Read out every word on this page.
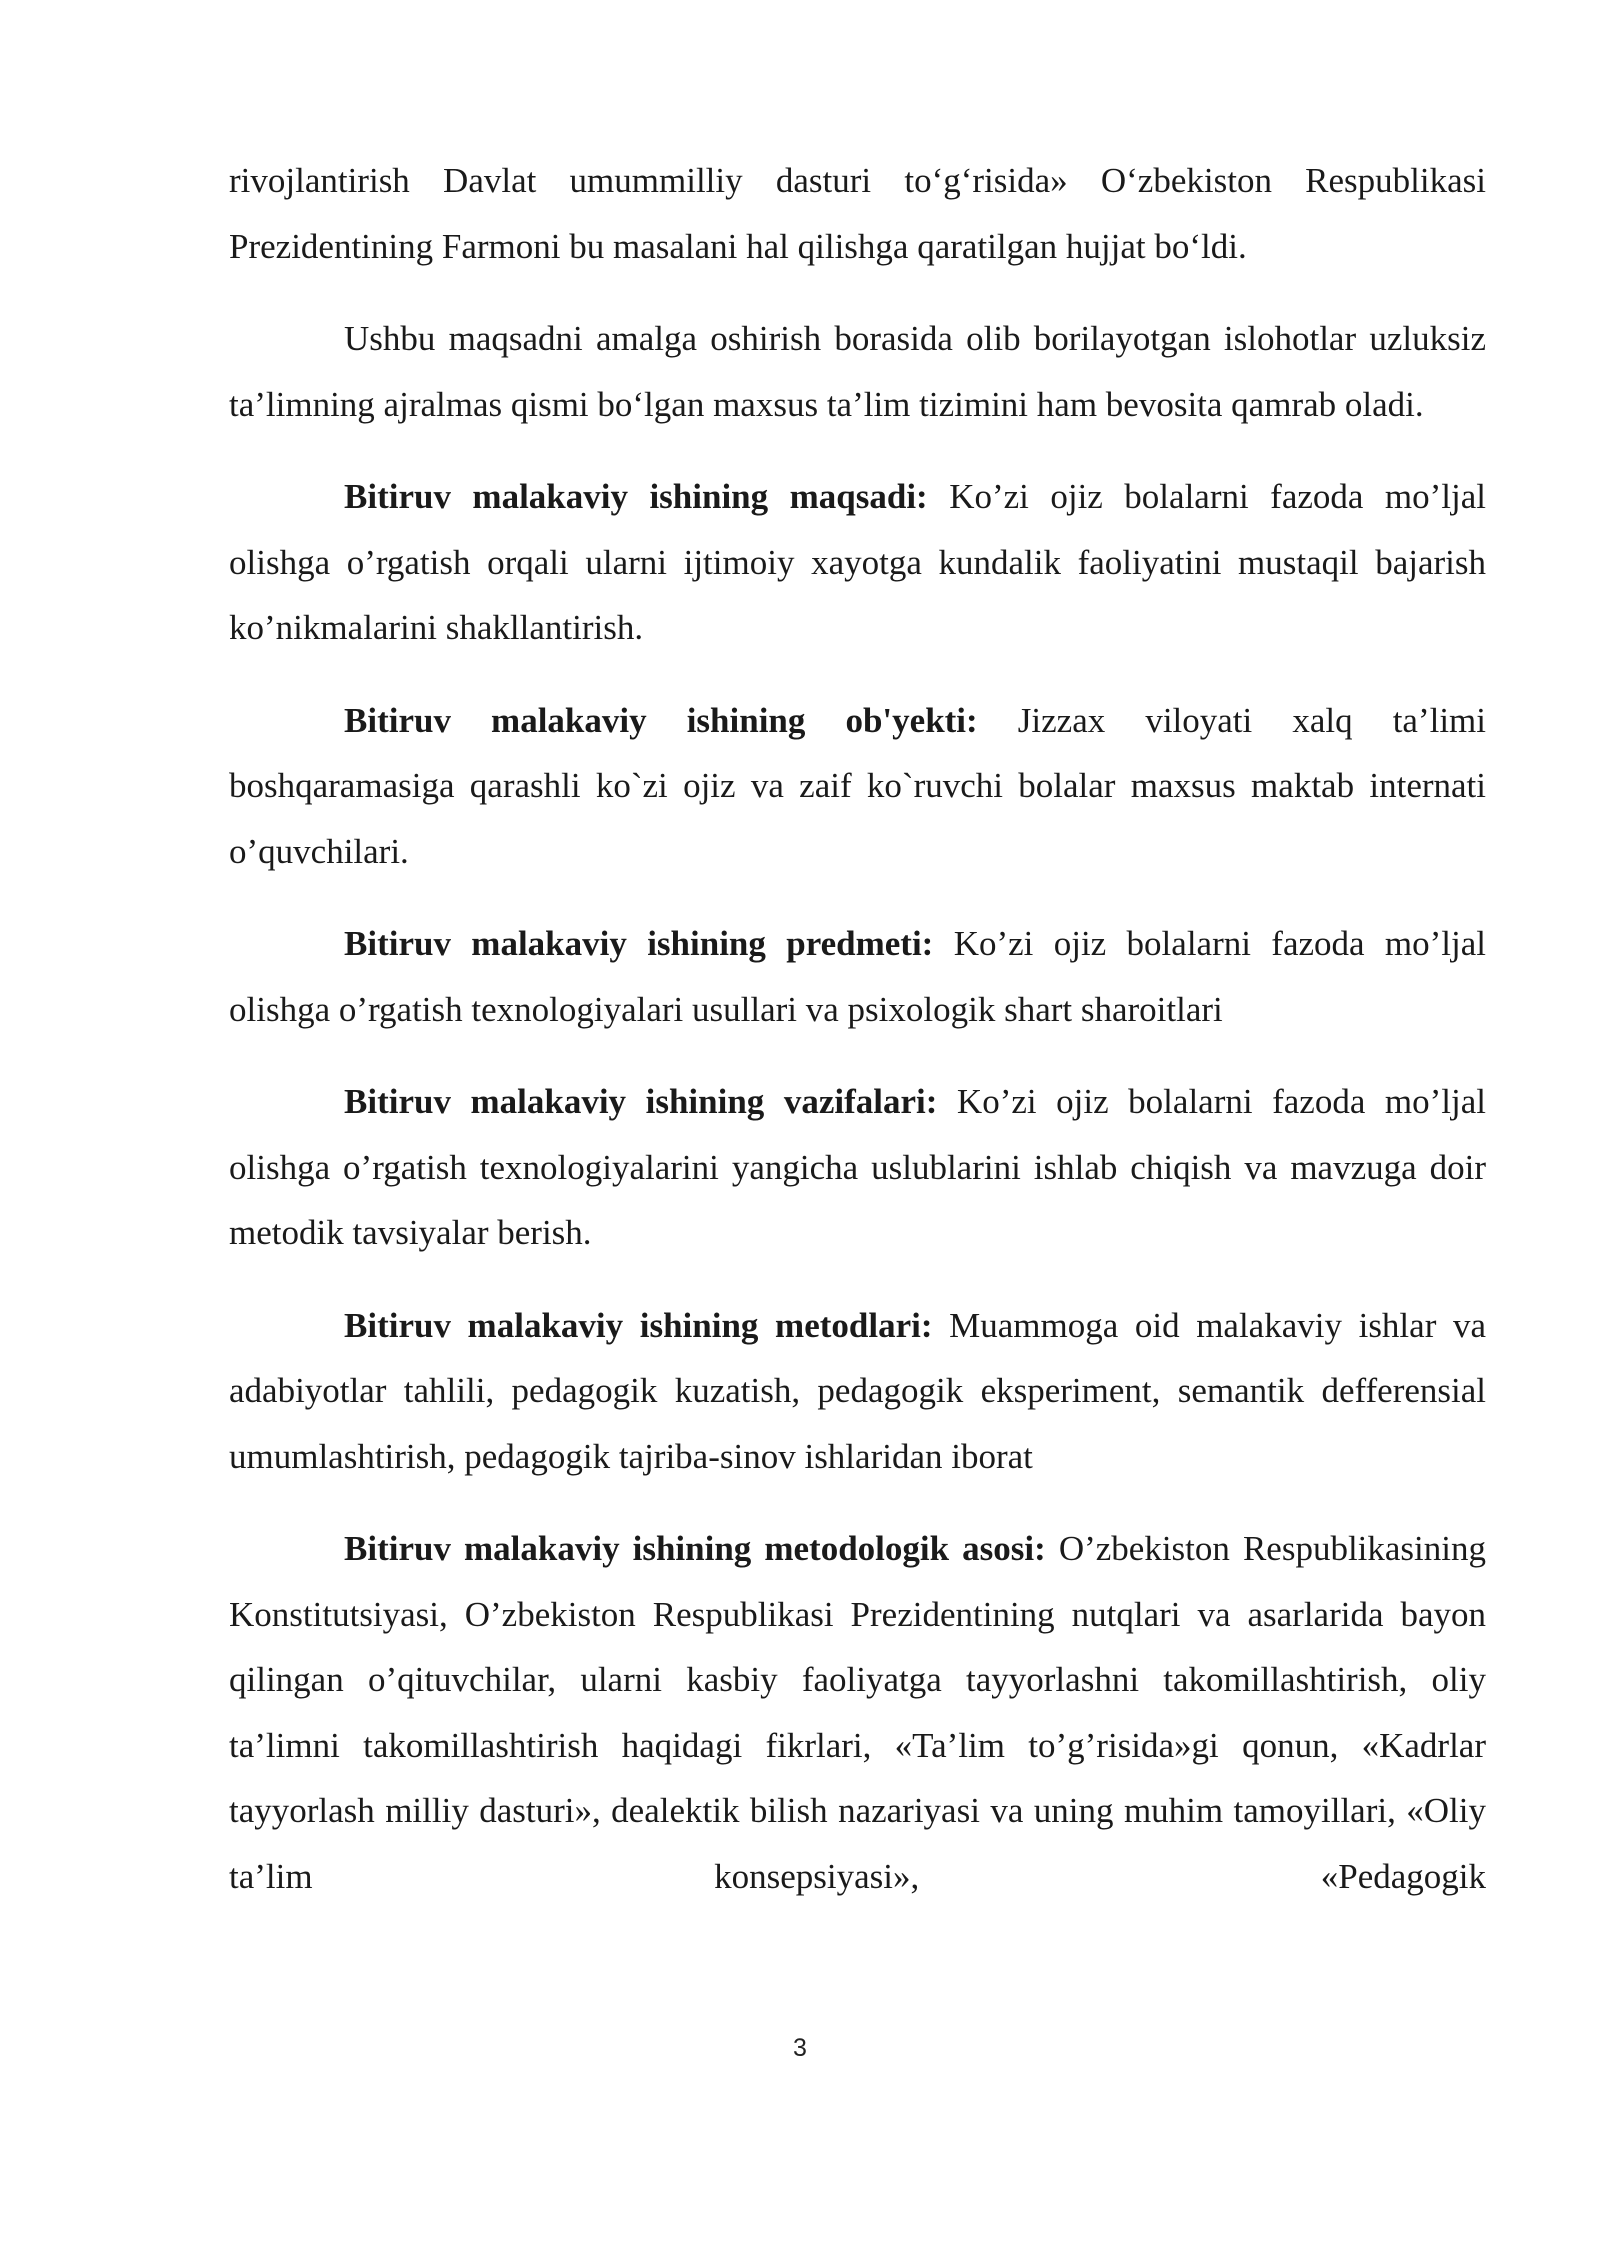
rivojlantirish Davlat umummilliy dasturi to‘g‘risida» O‘zbekiston Respublikasi Prezidentining Farmoni bu masalani hal qilishga qaratilgan hujjat bo‘ldi.

Ushbu maqsadni amalga oshirish borasida olib borilayotgan islohotlar uzluksiz ta’limning ajralmas qismi bo‘lgan maxsus ta’lim tizimini ham bevosita qamrab oladi.

Bitiruv malakaviy ishining maqsadi: Ko’zi ojiz bolalarni fazoda mo’ljal olishga o’rgatish orqali ularni ijtimoiy xayotga kundalik faoliyatini mustaqil bajarish ko’nikmalarini shakllantirish.

Bitiruv malakaviy ishining ob'yekti: Jizzax viloyati xalq ta’limi boshqaramasiga qarashli ko`zi ojiz va zaif ko`ruvchi bolalar maxsus maktab internati o’quvchilari.

Bitiruv malakaviy ishining predmeti: Ko’zi ojiz bolalarni fazoda mo’ljal olishga o’rgatish texnologiyalari usullari va psixologik shart sharoitlari

Bitiruv malakaviy ishining vazifalari: Ko’zi ojiz bolalarni fazoda mo’ljal olishga o’rgatish texnologiyalarini yangicha uslublarini ishlab chiqish va mavzuga doir metodik tavsiyalar berish.

Bitiruv malakaviy ishining metodlari: Muammoga oid malakaviy ishlar va adabiyotlar tahlili, pedagogik kuzatish, pedagogik eksperiment, semantik defferensial umumlashtirish, pedagogik tajriba-sinov ishlaridan iborat

Bitiruv malakaviy ishining metodologik asosi: O’zbekiston Respublikasining Konstitutsiyasi, O’zbekiston Respublikasi Prezidentining nutqlari va asarlarida bayon qilingan o’qituvchilar, ularni kasbiy faoliyatga tayyorlashni takomillashtirish, oliy ta’limni takomillashtirish haqidagi fikrlari, «Ta’lim to’g’risida»gi qonun, «Kadrlar tayyorlash milliy dasturi», dealektik bilish nazariyasi va uning muhim tamoyillari, «Oliy ta’lim konsepsiyasi», «Pedagogik

3
